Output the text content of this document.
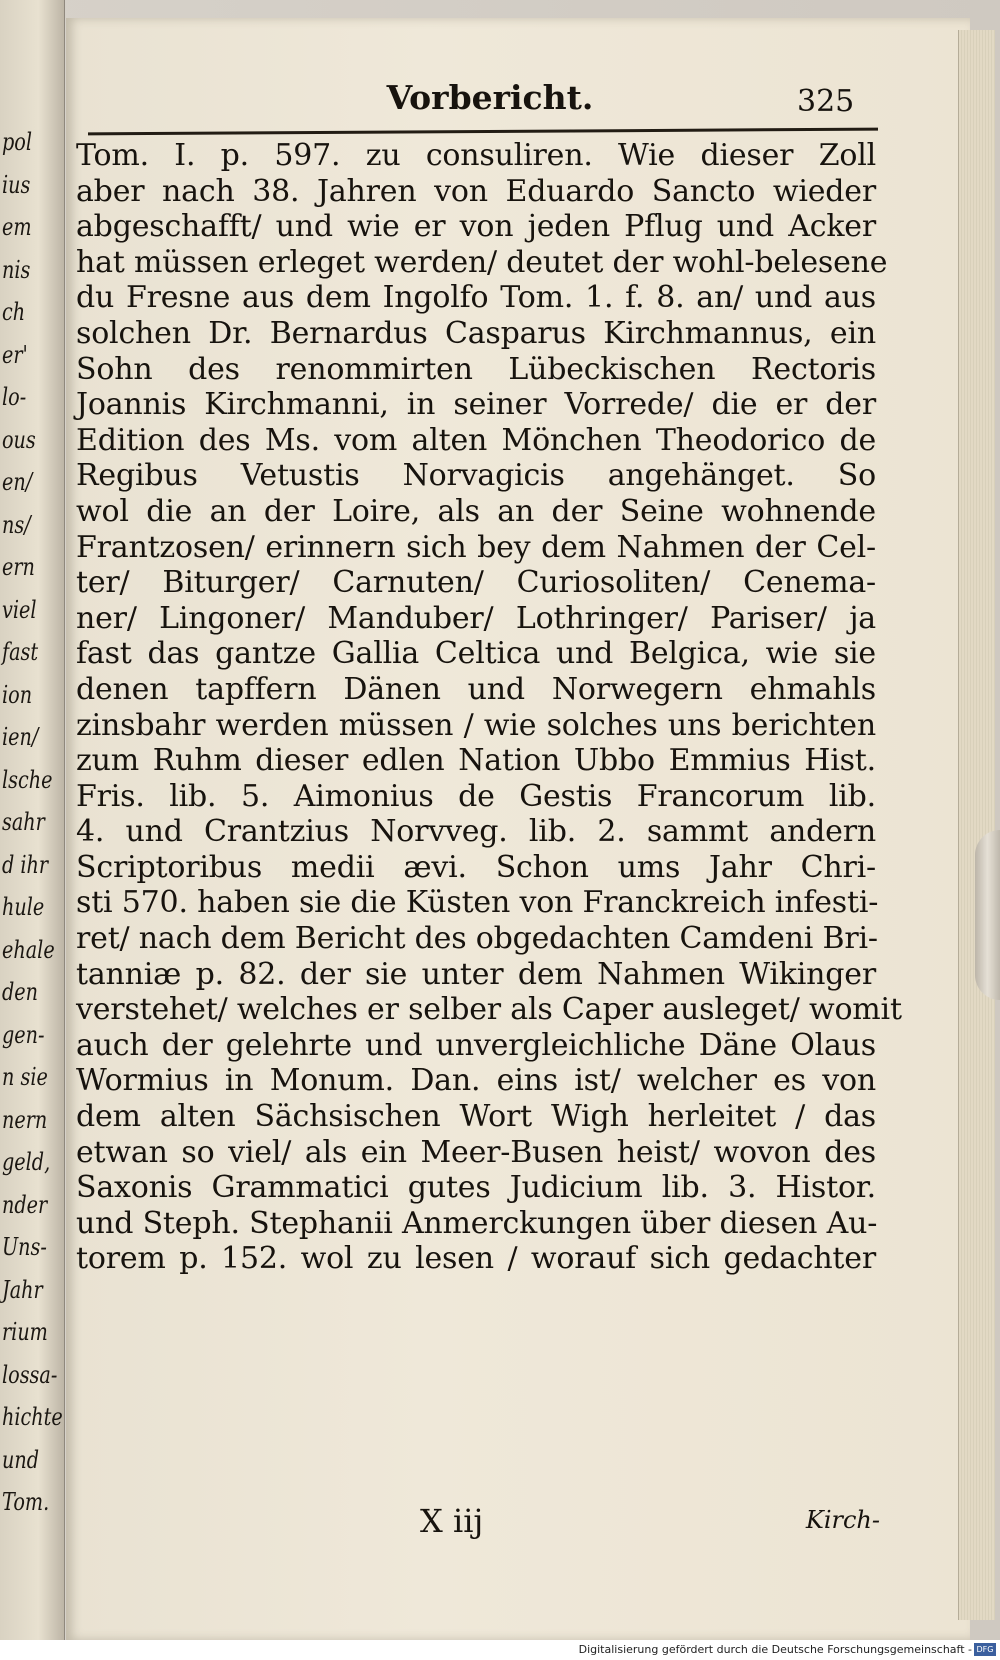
pol
ius
em
nis
ch
er'
lo-
ous
en/
ns/
ern
viel
fast
ion
ien/
lsche
sahr
d ihr
hule
ehale
den
gen-
n sie
nern
geld,
nder
Uns-
Jahr
rium
lossa-
hichte
und
Tom.
Vorbericht.	325
Tom. I. p. 597. zu consuliren. Wie dieser Zoll
aber nach 38. Jahren von Eduardo Sancto wieder
abgeschafft/ und wie er von jeden Pflug und Acker
hat müssen erleget werden/ deutet der wohl-belesene
du Fresne aus dem Ingolfo Tom. 1. f. 8. an/ und aus
solchen Dr. Bernardus Casparus Kirchmannus, ein
Sohn des renommirten Lübeckischen Rectoris
Joannis Kirchmanni, in seiner Vorrede/ die er der
Edition des Ms. vom alten Mönchen Theodorico de
Regibus Vetustis Norvagicis angehänget. So
wol die an der Loire, als an der Seine wohnende
Frantzosen/ erinnern sich bey dem Nahmen der Cel-
ter/ Biturger/ Carnuten/ Curiosoliten/ Cenema-
ner/ Lingoner/ Manduber/ Lothringer/ Pariser/ ja
fast das gantze Gallia Celtica und Belgica, wie sie
denen tapffern Dänen und Norwegern ehmahls
zinsbahr werden müssen / wie solches uns berichten
zum Ruhm dieser edlen Nation Ubbo Emmius Hist.
Fris. lib. 5. Aimonius de Gestis Francorum lib.
4. und Crantzius Norvveg. lib. 2. sammt andern
Scriptoribus medii ævi. Schon ums Jahr Chri-
sti 570. haben sie die Küsten von Franckreich infesti-
ret/ nach dem Bericht des obgedachten Camdeni Bri-
tanniæ p. 82. der sie unter dem Nahmen Wikinger
verstehet/ welches er selber als Caper ausleget/ womit
auch der gelehrte und unvergleichliche Däne Olaus
Wormius in Monum. Dan. eins ist/ welcher es von
dem alten Sächsischen Wort Wigh herleitet / das
etwan so viel/ als ein Meer-Busen heist/ wovon des
Saxonis Grammatici gutes Judicium lib. 3. Histor.
und Steph. Stephanii Anmerckungen über diesen Au-
torem p. 152. wol zu lesen / worauf sich gedachter
X iij	Kirch-
Digitalisierung gefördert durch die Deutsche Forschungsgemeinschaft - DFG
